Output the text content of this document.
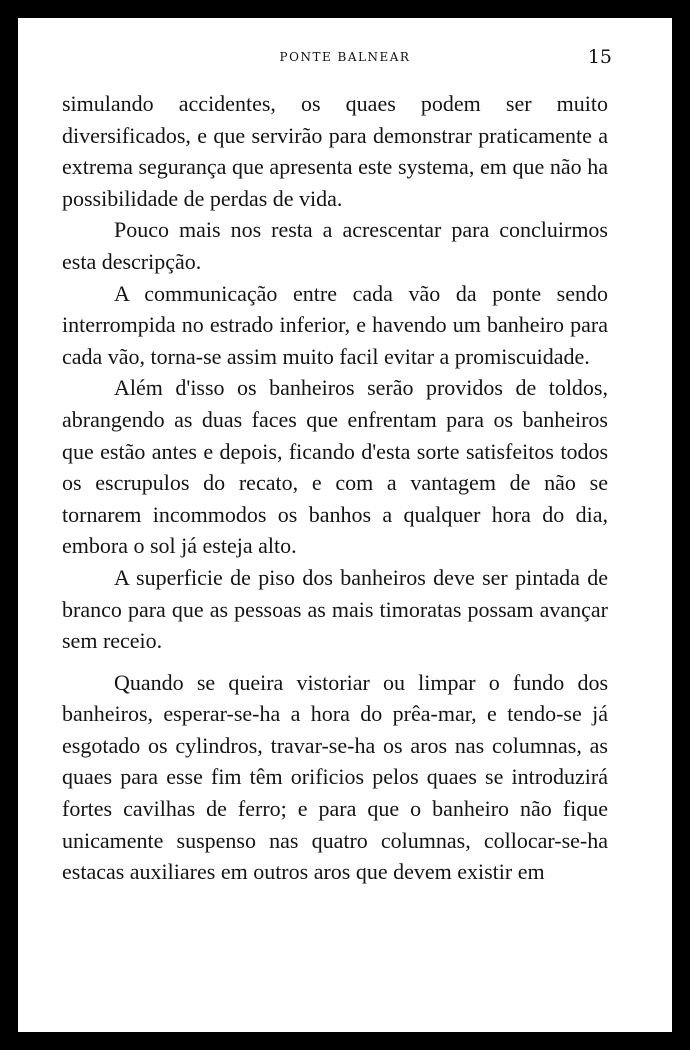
PONTE BALNEAR	15

simulando accidentes, os quaes podem ser muito diversificados, e que servirão para demonstrar praticamente a extrema segurança que apresenta este systema, em que não ha possibilidade de perdas de vida.

Pouco mais nos resta a acrescentar para concluirmos esta descripção.

A communicação entre cada vão da ponte sendo interrompida no estrado inferior, e havendo um banheiro para cada vão, torna-se assim muito facil evitar a promiscuidade.

Além d'isso os banheiros serão providos de toldos, abrangendo as duas faces que enfrentam para os banheiros que estão antes e depois, ficando d'esta sorte satisfeitos todos os escrupulos do recato, e com a vantagem de não se tornarem incommodos os banhos a qualquer hora do dia, embora o sol já esteja alto.

A superficie de piso dos banheiros deve ser pintada de branco para que as pessoas as mais timoratas possam avançar sem receio.

Quando se queira vistoriar ou limpar o fundo dos banheiros, esperar-se-ha a hora do prêa-mar, e tendo-se já esgotado os cylindros, travar-se-ha os aros nas columnas, as quaes para esse fim têm orificios pelos quaes se introduzirá fortes cavilhas de ferro; e para que o banheiro não fique unicamente suspenso nas quatro columnas, collocar-se-ha estacas auxiliares em outros aros que devem existir em
